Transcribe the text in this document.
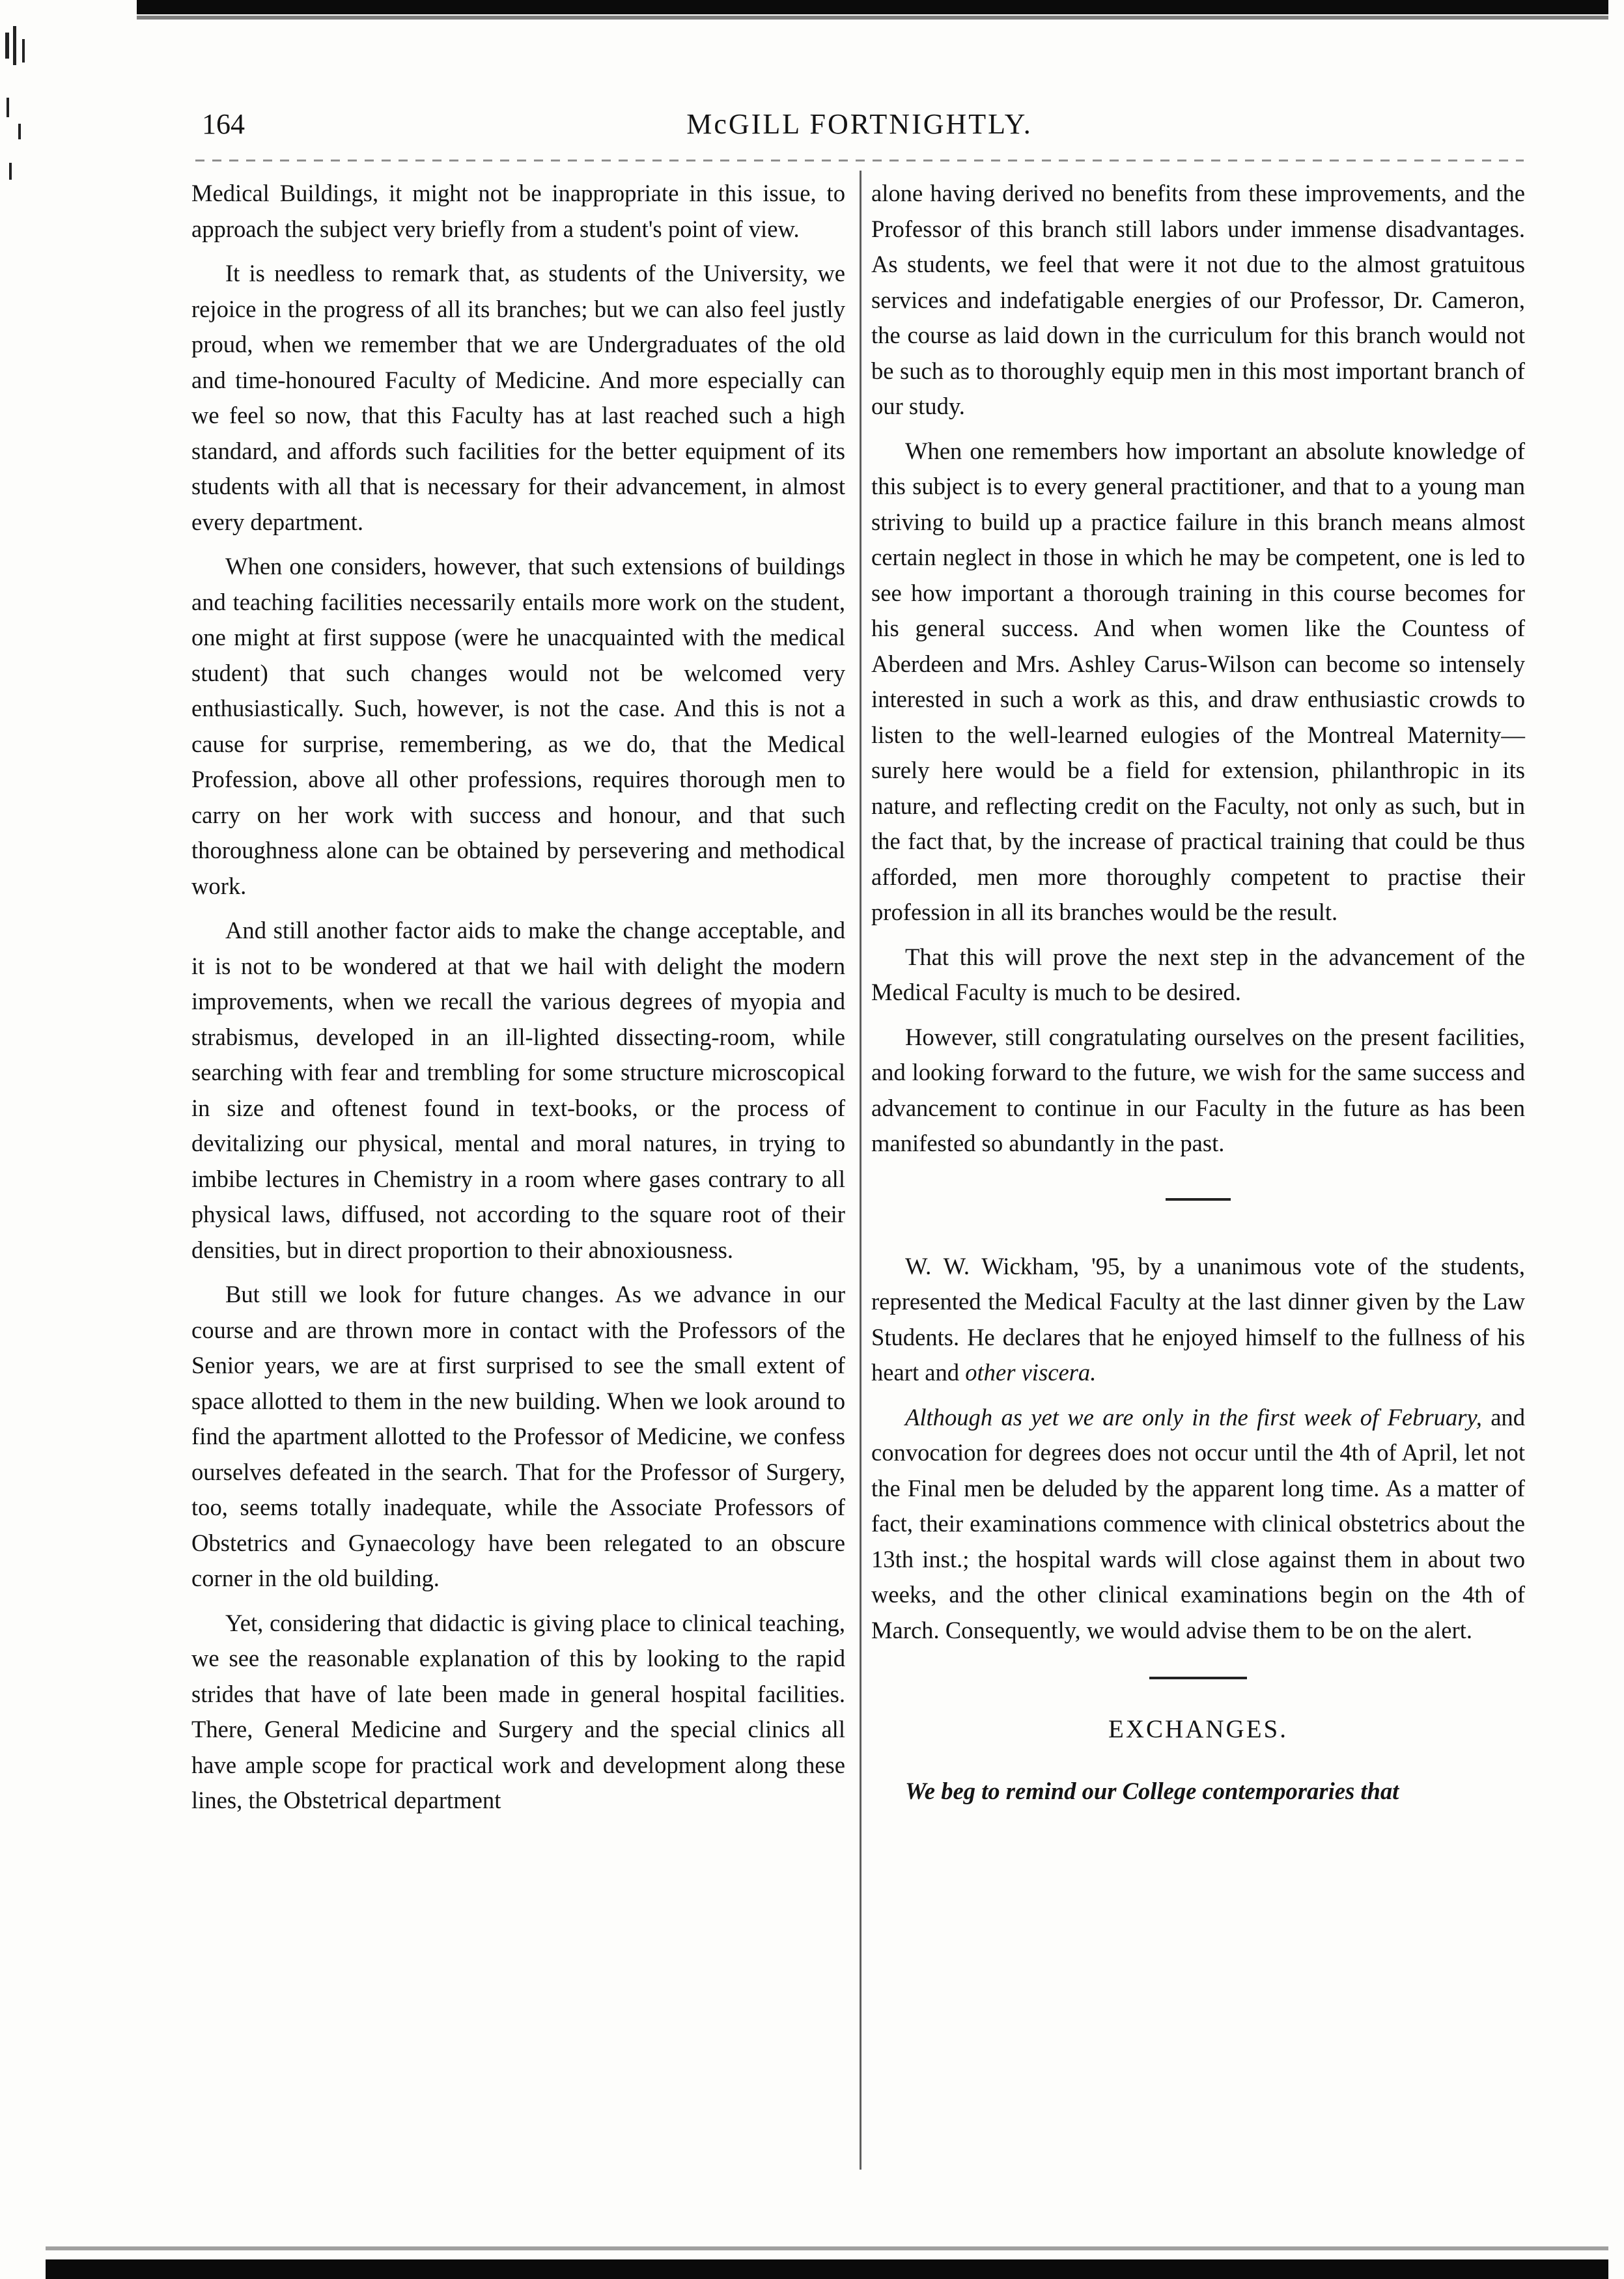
164	McGILL FORTNIGHTLY.

Medical Buildings, it might not be inappropriate in this issue, to approach the subject very briefly from a student's point of view.

It is needless to remark that, as students of the University, we rejoice in the progress of all its branches; but we can also feel justly proud, when we remember that we are Undergraduates of the old and time-honoured Faculty of Medicine. And more especially can we feel so now, that this Faculty has at last reached such a high standard, and affords such facilities for the better equipment of its students with all that is necessary for their advancement, in almost every department.

When one considers, however, that such extensions of buildings and teaching facilities necessarily entails more work on the student, one might at first suppose (were he unacquainted with the medical student) that such changes would not be welcomed very enthusiastically. Such, however, is not the case. And this is not a cause for surprise, remembering, as we do, that the Medical Profession, above all other professions, requires thorough men to carry on her work with success and honour, and that such thoroughness alone can be obtained by persevering and methodical work.

And still another factor aids to make the change acceptable, and it is not to be wondered at that we hail with delight the modern improvements, when we recall the various degrees of myopia and strabismus, developed in an ill-lighted dissecting-room, while searching with fear and trembling for some structure microscopical in size and oftenest found in text-books, or the process of devitalizing our physical, mental and moral natures, in trying to imbibe lectures in Chemistry in a room where gases contrary to all physical laws, diffused, not according to the square root of their densities, but in direct proportion to their abnoxiousness.

But still we look for future changes. As we advance in our course and are thrown more in contact with the Professors of the Senior years, we are at first surprised to see the small extent of space allotted to them in the new building. When we look around to find the apartment allotted to the Professor of Medicine, we confess ourselves defeated in the search. That for the Professor of Surgery, too, seems totally inadequate, while the Associate Professors of Obstetrics and Gynaecology have been relegated to an obscure corner in the old building.

Yet, considering that didactic is giving place to clinical teaching, we see the reasonable explanation of this by looking to the rapid strides that have of late been made in general hospital facilities. There, General Medicine and Surgery and the special clinics all have ample scope for practical work and development along these lines, the Obstetrical department

alone having derived no benefits from these improvements, and the Professor of this branch still labors under immense disadvantages. As students, we feel that were it not due to the almost gratuitous services and indefatigable energies of our Professor, Dr. Cameron, the course as laid down in the curriculum for this branch would not be such as to thoroughly equip men in this most important branch of our study.

When one remembers how important an absolute knowledge of this subject is to every general practitioner, and that to a young man striving to build up a practice failure in this branch means almost certain neglect in those in which he may be competent, one is led to see how important a thorough training in this course becomes for his general success. And when women like the Countess of Aberdeen and Mrs. Ashley Carus-Wilson can become so intensely interested in such a work as this, and draw enthusiastic crowds to listen to the well-learned eulogies of the Montreal Maternity—surely here would be a field for extension, philanthropic in its nature, and reflecting credit on the Faculty, not only as such, but in the fact that, by the increase of practical training that could be thus afforded, men more thoroughly competent to practise their profession in all its branches would be the result.

That this will prove the next step in the advancement of the Medical Faculty is much to be desired.

However, still congratulating ourselves on the present facilities, and looking forward to the future, we wish for the same success and advancement to continue in our Faculty in the future as has been manifested so abundantly in the past.

W. W. Wickham, '95, by a unanimous vote of the students, represented the Medical Faculty at the last dinner given by the Law Students. He declares that he enjoyed himself to the fullness of his heart and other viscera.

Although as yet we are only in the first week of February, and convocation for degrees does not occur until the 4th of April, let not the Final men be deluded by the apparent long time. As a matter of fact, their examinations commence with clinical obstetrics about the 13th inst.; the hospital wards will close against them in about two weeks, and the other clinical examinations begin on the 4th of March. Consequently, we would advise them to be on the alert.

EXCHANGES.

We beg to remind our College contemporaries that
